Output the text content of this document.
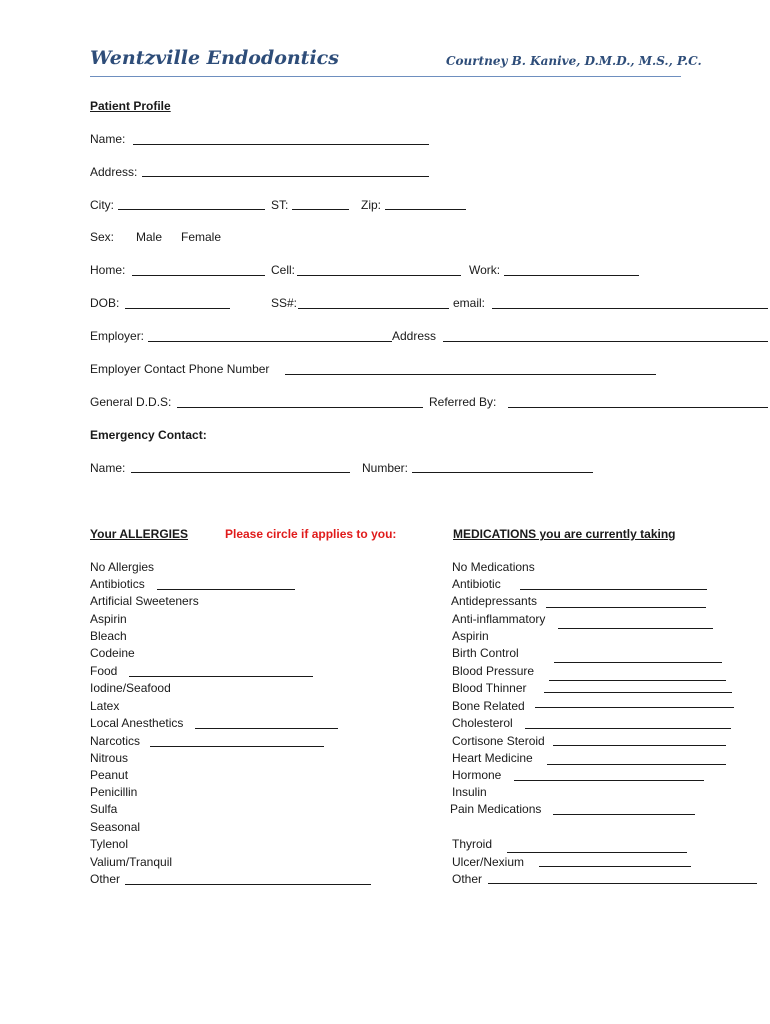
Wentzville Endodontics	Courtney B. Kanive, D.M.D., M.S., P.C.
Patient Profile
Name:
Address:
City:	ST:	Zip:
Sex: Male Female
Home:	Cell:	Work:
DOB:	SS#:	email:
Employer:	Address
Employer Contact Phone Number
General D.D.S:	Referred By:
Emergency Contact:
Name:	Number:
Your ALLERGIES	Please circle if applies to you:	MEDICATIONS you are currently taking
No Allergies
Antibiotics
Artificial Sweeteners
Aspirin
Bleach
Codeine
Food
Iodine/Seafood
Latex
Local Anesthetics
Narcotics
Nitrous
Peanut
Penicillin
Sulfa
Seasonal
Tylenol
Valium/Tranquil
Other
No Medications
Antibiotic
Antidepressants
Anti-inflammatory
Aspirin
Birth Control
Blood Pressure
Blood Thinner
Bone Related
Cholesterol
Cortisone Steroid
Heart Medicine
Hormone
Insulin
Pain Medications
Thyroid
Ulcer/Nexium
Other
